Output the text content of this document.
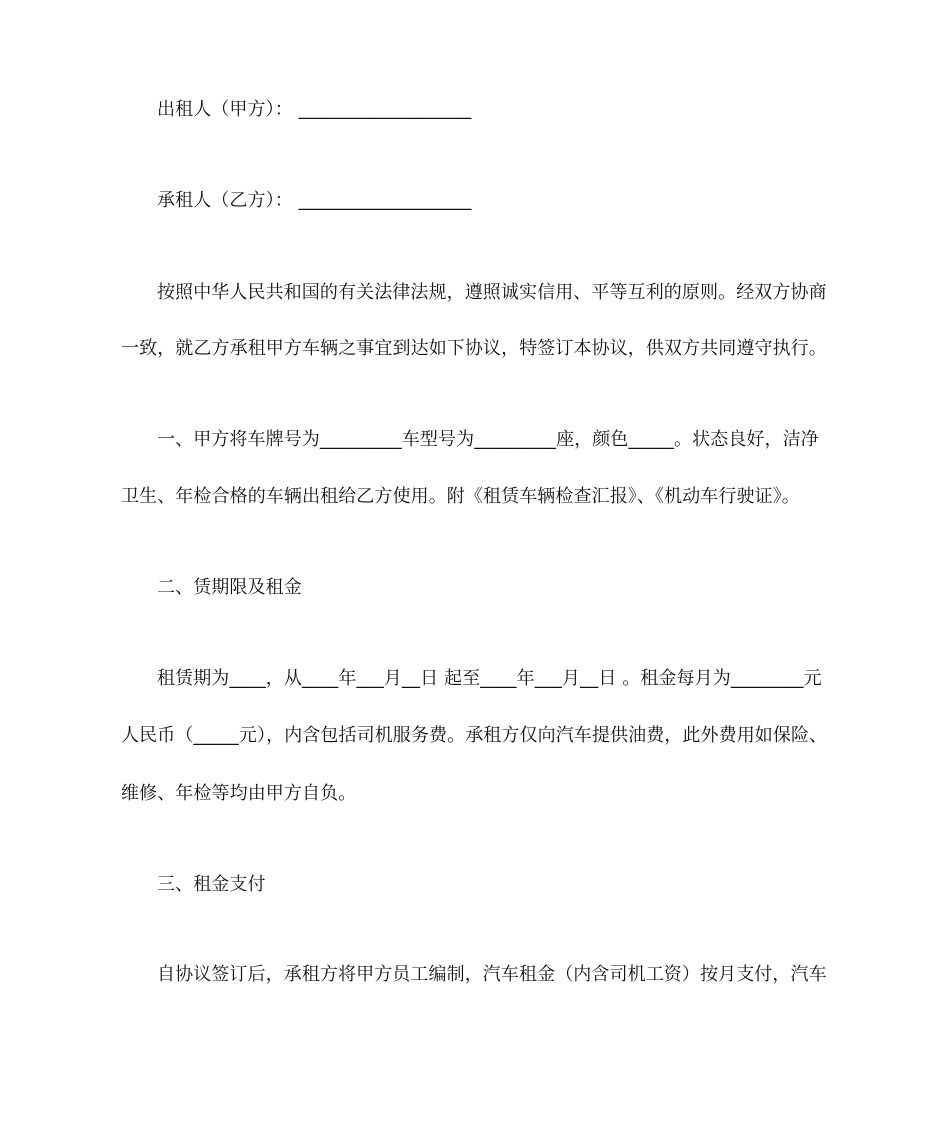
出租人（甲方）： ___________________
承租人（乙方）： ___________________
按照中华人民共和国的有关法律法规，遵照诚实信用、平等互利的原则。经双方协商
一致，就乙方承租甲方车辆之事宜到达如下协议，特签订本协议，供双方共同遵守执行。
一、甲方将车牌号为_________车型号为_________座，颜色_____。状态良好，洁净
卫生、年检合格的车辆出租给乙方使用。附《租赁车辆检查汇报》、《机动车行驶证》。
二、赁期限及租金
租赁期为____，从____年___月__日 起至____年___月__日 。租金每月为________元
人民币（_____元），内含包括司机服务费。承租方仅向汽车提供油费，此外费用如保险、
维修、年检等均由甲方自负。
三、租金支付
自协议签订后，承租方将甲方员工编制，汽车租金（内含司机工资）按月支付，汽车
